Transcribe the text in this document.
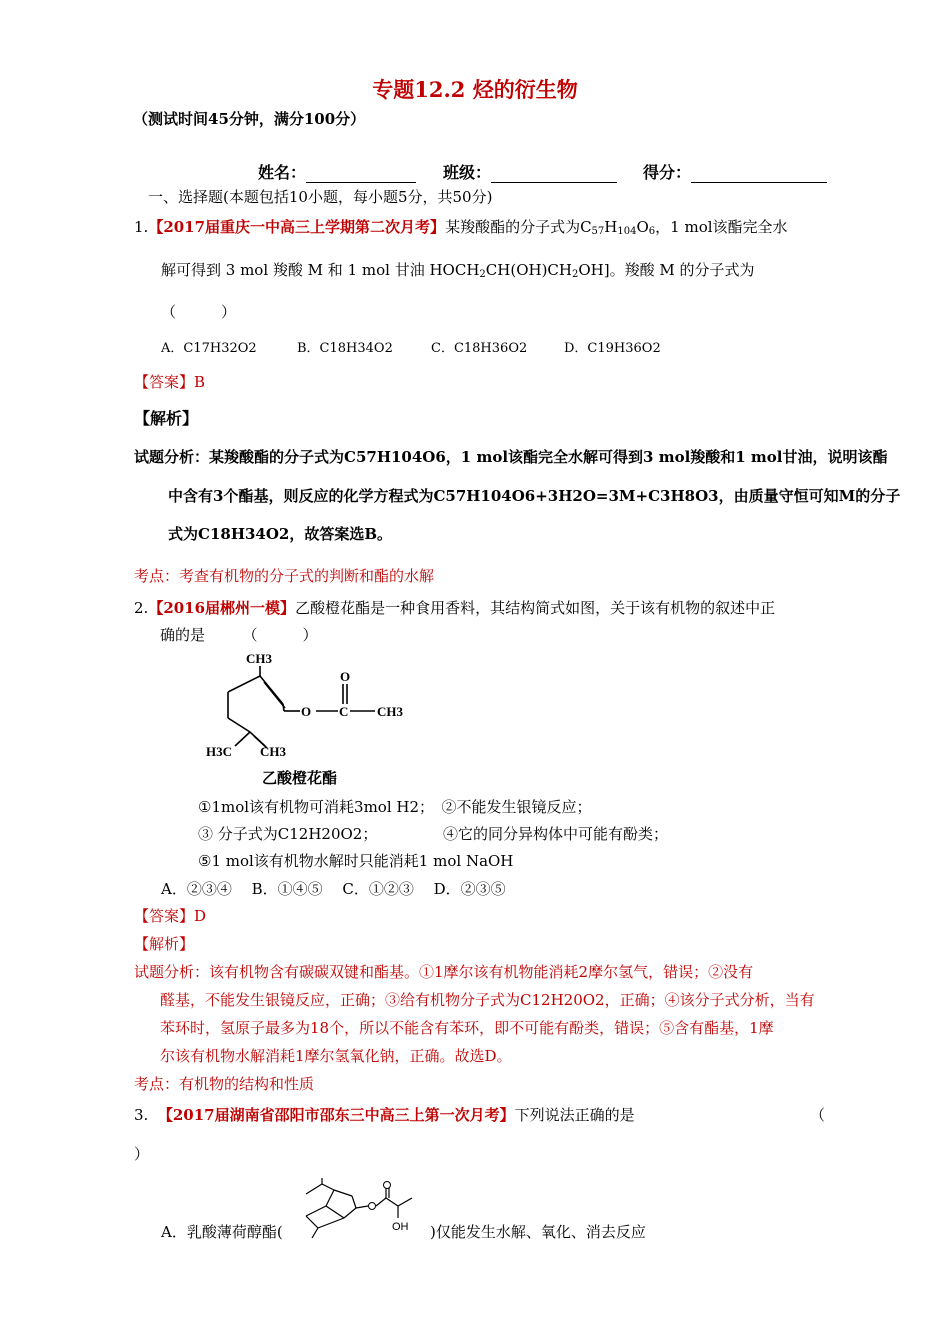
专题12.2 烃的衍生物
（测试时间45分钟，满分100分）
姓名：	班级：	得分：
一、选择题(本题包括10小题，每小题5分，共50分)
1.【2017届重庆一中高三上学期第二次月考】某羧酸酯的分子式为$C_{57}H_{104}O_6$，1 mol该酯完全水
解可得到 3 mol 羧酸 M 和 1 mol 甘油 $HOCH_2CH(OH)CH_2OH$]。羧酸 M 的分子式为
（　　　）
A．C17H32O2	B．C18H34O2	C．C18H36O2	D．C19H36O2
【答案】B
【解析】
试题分析：某羧酸酯的分子式为C57H104O6，1 mol该酯完全水解可得到3 mol羧酸和1 mol甘油，说明该酯
中含有3个酯基，则反应的化学方程式为C57H104O6+3H2O=3M+C3H8O3，由质量守恒可知M的分子
式为C18H34O2，故答案选B。
考点：考查有机物的分子式的判断和酯的水解
2.【2016届郴州一模】乙酸橙花酯是一种食用香料，其结构简式如图，关于该有机物的叙述中正
确的是　　　（　　　）
CH3
O
O C CH3
H3C CH3
乙酸橙花酯
①1mol该有机物可消耗3mol H2；　②不能发生银镜反应；
③ 分子式为C12H20O2；	④它的同分异构体中可能有酚类；
⑤1 mol该有机物水解时只能消耗1 mol NaOH
A．②③④　 B．①④⑤　 C．①②③　 D．②③⑤
【答案】D
【解析】
试题分析：该有机物含有碳碳双键和酯基。①1摩尔该有机物能消耗2摩尔氢气，错误；②没有
醛基，不能发生银镜反应，正确；③给有机物分子式为C12H20O2，正确；④该分子式分析，当有
苯环时，氢原子最多为18个，所以不能含有苯环，即不可能有酚类，错误；⑤含有酯基，1摩
尔该有机物水解消耗1摩尔氢氧化钠，正确。故选D。
考点：有机物的结构和性质
3. 【2017届湖南省邵阳市邵东三中高三上第一次月考】下列说法正确的是	（
）
A．乳酸薄荷醇酯(	OH )仅能发生水解、氧化、消去反应
